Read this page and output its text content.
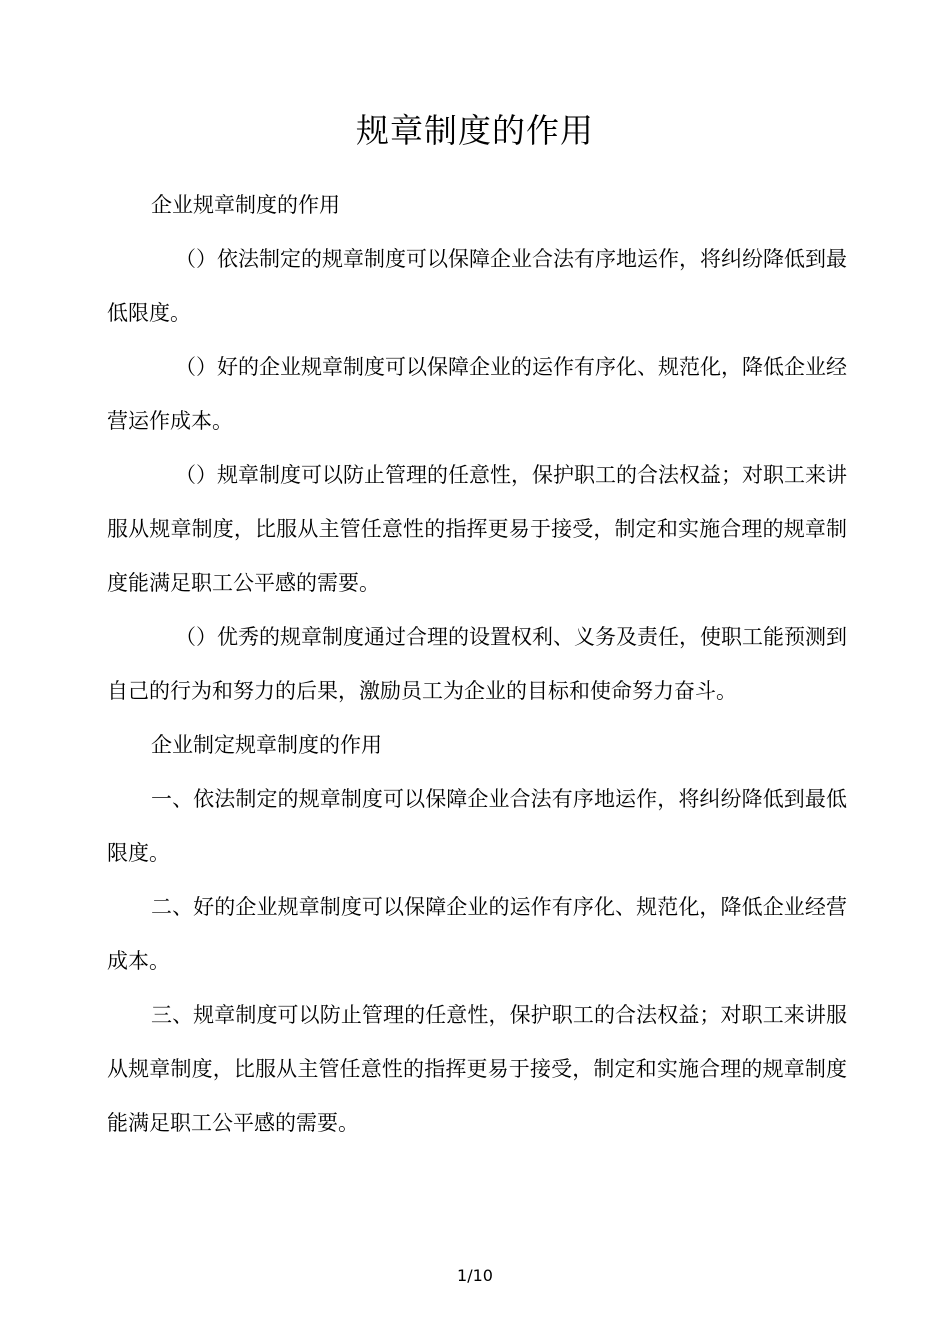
规章制度的作用

企业规章制度的作用

（）依法制定的规章制度可以保障企业合法有序地运作，将纠纷降低到最低限度。

（）好的企业规章制度可以保障企业的运作有序化、规范化，降低企业经营运作成本。

（）规章制度可以防止管理的任意性，保护职工的合法权益；对职工来讲服从规章制度，比服从主管任意性的指挥更易于接受，制定和实施合理的规章制度能满足职工公平感的需要。

（）优秀的规章制度通过合理的设置权利、义务及责任，使职工能预测到自己的行为和努力的后果，激励员工为企业的目标和使命努力奋斗。

企业制定规章制度的作用

一、依法制定的规章制度可以保障企业合法有序地运作，将纠纷降低到最低限度。

二、好的企业规章制度可以保障企业的运作有序化、规范化，降低企业经营成本。

三、规章制度可以防止管理的任意性，保护职工的合法权益；对职工来讲服从规章制度，比服从主管任意性的指挥更易于接受，制定和实施合理的规章制度能满足职工公平感的需要。

1/10
